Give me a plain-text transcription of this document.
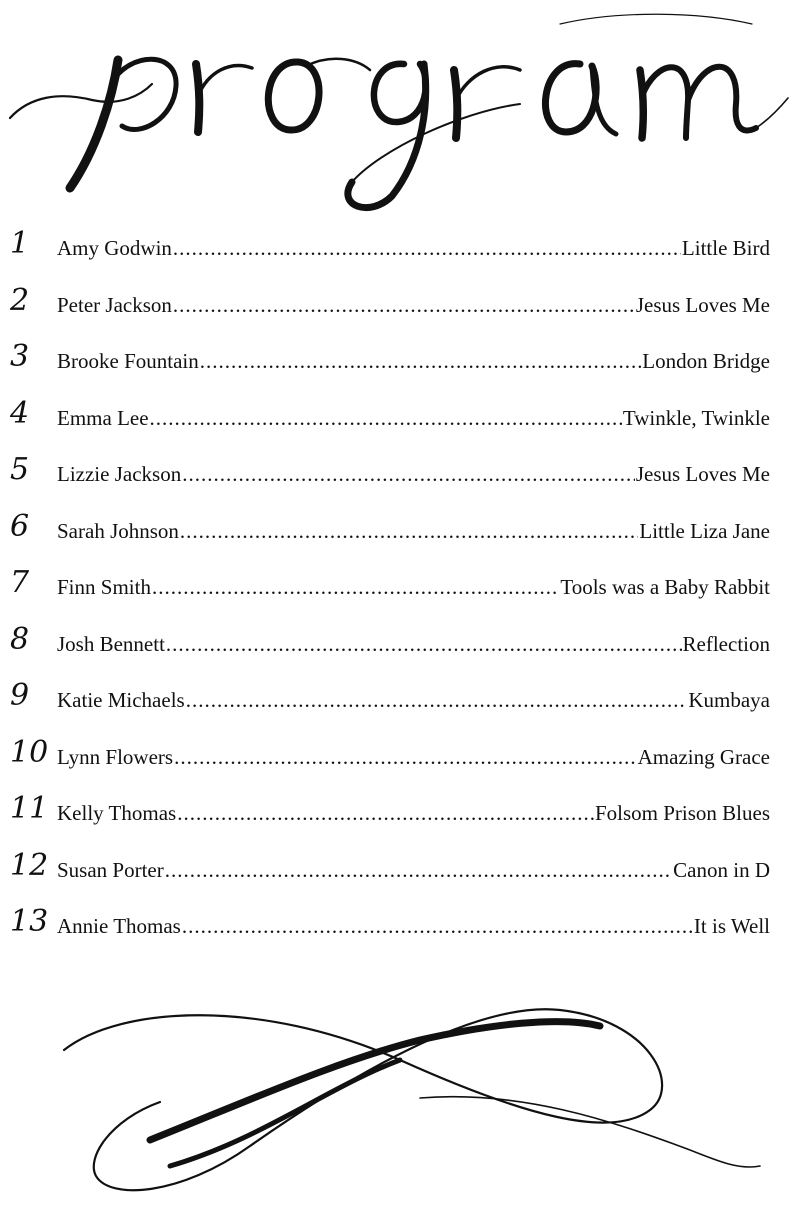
1	Amy Godwin .....	Little Bird
2	Peter Jackson .....	Jesus Loves Me
3	Brooke Fountain .....	London Bridge
4	Emma Lee .....	Twinkle, Twinkle
5	Lizzie Jackson .....	Jesus Loves Me
6	Sarah Johnson .....	Little Liza Jane
7	Finn Smith .....	Tools was a Baby Rabbit
8	Josh Bennett .....	Reflection
9	Katie Michaels .....	Kumbaya
10 Lynn Flowers .....	Amazing Grace
11 Kelly Thomas .....	Folsom Prison Blues
12 Susan Porter .....	Canon in D
13 Annie Thomas .....	It is Well
